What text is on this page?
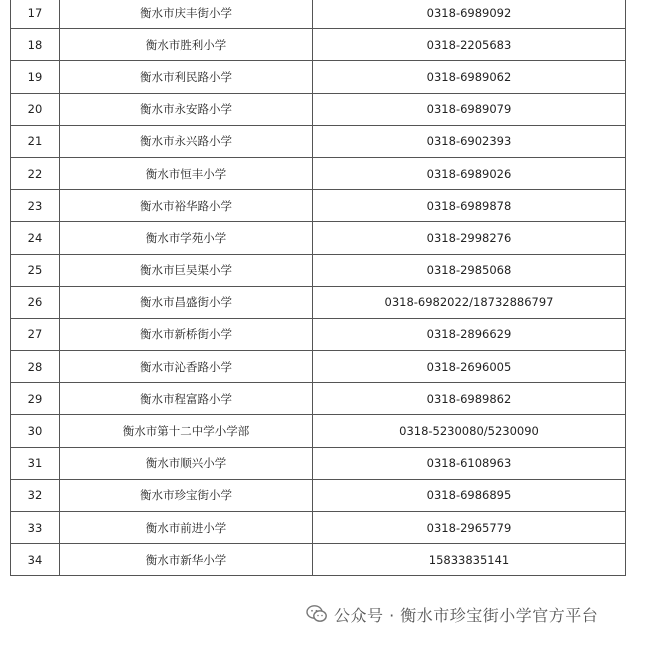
17	衡水市庆丰街小学	0318-6989092
18	衡水市胜利小学	0318-2205683
19	衡水市利民路小学	0318-6989062
20	衡水市永安路小学	0318-6989079
21	衡水市永兴路小学	0318-6902393
22	衡水市恒丰小学	0318-6989026
23	衡水市裕华路小学	0318-6989878
24	衡水市学苑小学	0318-2998276
25	衡水市巨吴渠小学	0318-2985068
26	衡水市昌盛街小学	0318-6982022/18732886797
27	衡水市新桥街小学	0318-2896629
28	衡水市沁香路小学	0318-2696005
29	衡水市程富路小学	0318-6989862
30	衡水市第十二中学小学部	0318-5230080/5230090
31	衡水市顺兴小学	0318-6108963
32	衡水市珍宝街小学	0318-6986895
33	衡水市前进小学	0318-2965779
34	衡水市新华小学	15833835141
公众号 · 衡水市珍宝街小学官方平台
